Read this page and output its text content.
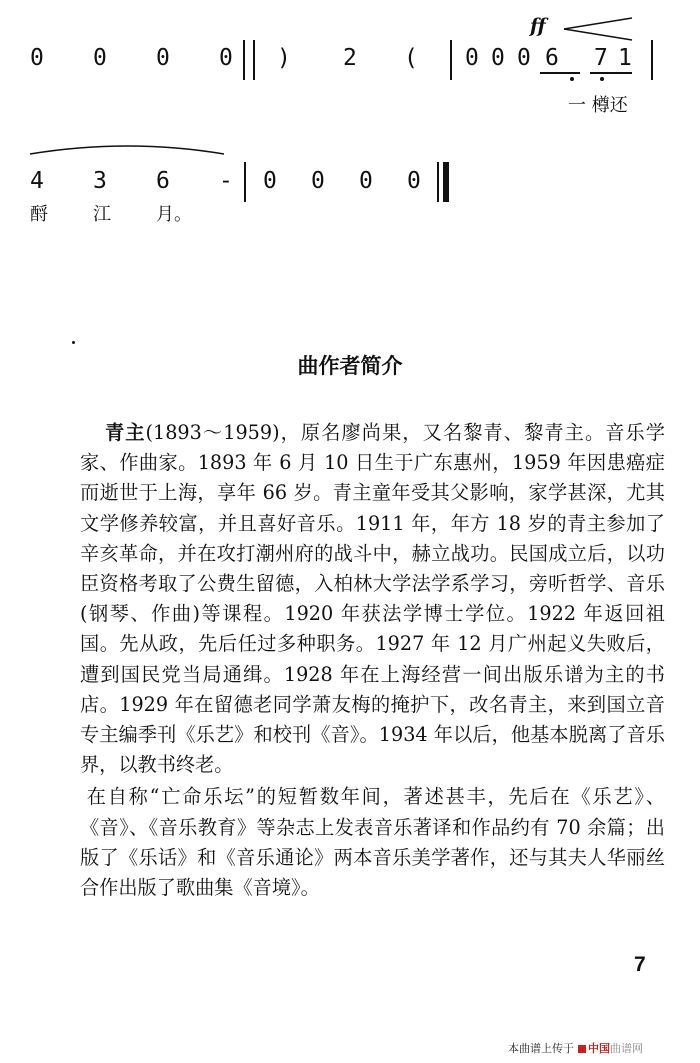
0 0 0 0 ) 2 ( 0 0 0 6 7 1
ff
一 樽还
4 3 6 - 0 0 0 0
酹	江	月。
曲作者简介

青主(1893～1959)，原名廖尚果，又名黎青、黎青主。音乐学家、作曲家。1893 年 6 月 10 日生于广东惠州，1959 年因患癌症而逝世于上海，享年 66 岁。青主童年受其父影响，家学甚深，尤其文学修养较富，并且喜好音乐。1911 年，年方 18 岁的青主参加了辛亥革命，并在攻打潮州府的战斗中，赫立战功。民国成立后，以功臣资格考取了公费生留德，入柏林大学法学系学习，旁听哲学、音乐(钢琴、作曲)等课程。1920 年获法学博士学位。1922 年返回祖国。先从政，先后任过多种职务。1927 年 12 月广州起义失败后，遭到国民党当局通缉。1928 年在上海经营一间出版乐谱为主的书店。1929 年在留德老同学萧友梅的掩护下，改名青主，来到国立音专主编季刊《乐艺》和校刊《音》。1934 年以后，他基本脱离了音乐界，以教书终老。

在自称“亡命乐坛”的短暂数年间，著述甚丰，先后在《乐艺》、《音》、《音乐教育》等杂志上发表音乐著译和作品约有 70 余篇；出版了《乐话》和《音乐通论》两本音乐美学著作，还与其夫人华丽丝合作出版了歌曲集《音境》。

7
本曲谱上传于 中国曲谱网
